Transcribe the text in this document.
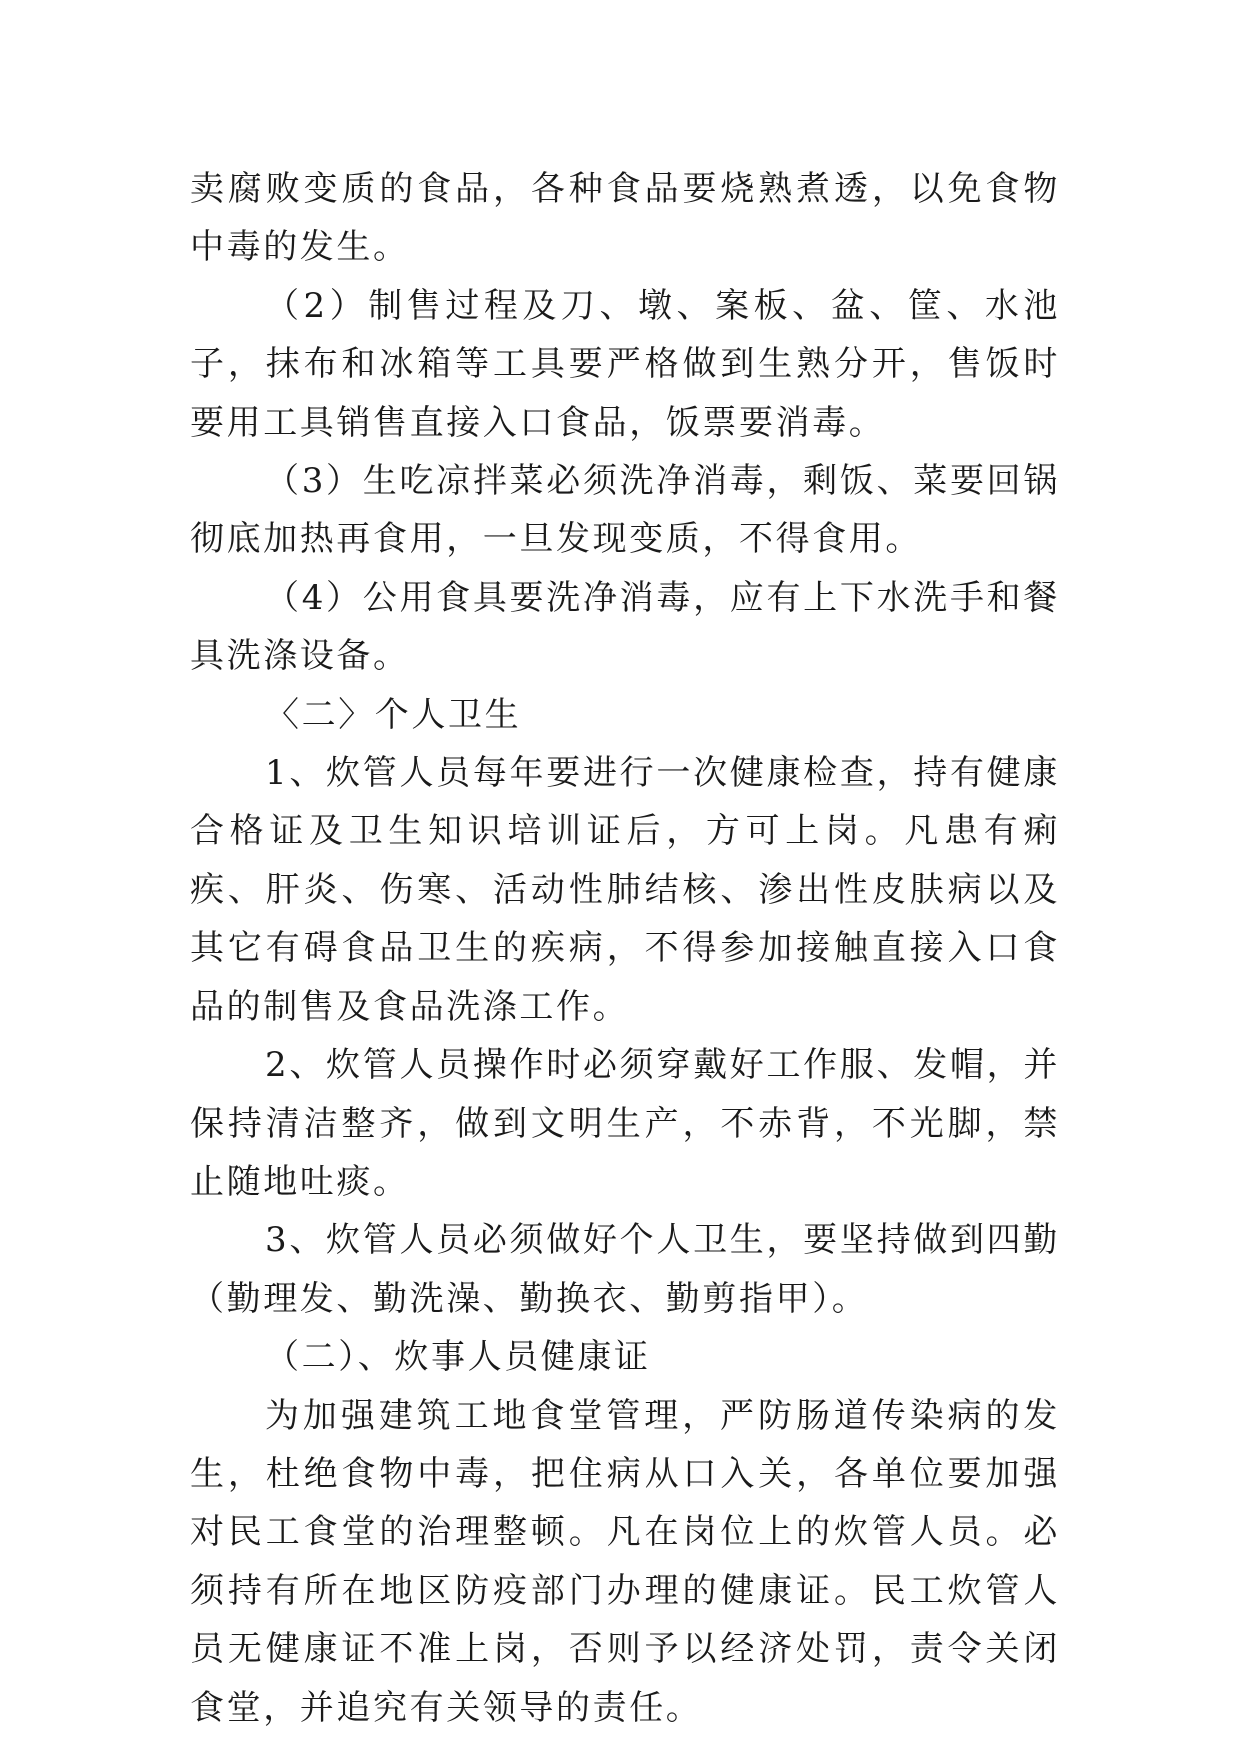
卖腐败变质的食品，各种食品要烧熟煮透，以免食物中毒的发生。

（2）制售过程及刀、墩、案板、盆、筐、水池子，抹布和冰箱等工具要严格做到生熟分开，售饭时要用工具销售直接入口食品，饭票要消毒。

（3）生吃凉拌菜必须洗净消毒，剩饭、菜要回锅彻底加热再食用，一旦发现变质，不得食用。

（4）公用食具要洗净消毒，应有上下水洗手和餐具洗涤设备。

〈二〉个人卫生

1、炊管人员每年要进行一次健康检查，持有健康合格证及卫生知识培训证后，方可上岗。凡患有痢疾、肝炎、伤寒、活动性肺结核、渗出性皮肤病以及其它有碍食品卫生的疾病，不得参加接触直接入口食品的制售及食品洗涤工作。

2、炊管人员操作时必须穿戴好工作服、发帽，并保持清洁整齐，做到文明生产，不赤背，不光脚，禁止随地吐痰。

3、炊管人员必须做好个人卫生，要坚持做到四勤（勤理发、勤洗澡、勤换衣、勤剪指甲）。

（二）、炊事人员健康证

为加强建筑工地食堂管理，严防肠道传染病的发生，杜绝食物中毒，把住病从口入关，各单位要加强对民工食堂的治理整顿。凡在岗位上的炊管人员。必须持有所在地区防疫部门办理的健康证。民工炊管人员无健康证不准上岗，否则予以经济处罚，责令关闭食堂，并追究有关领导的责任。
